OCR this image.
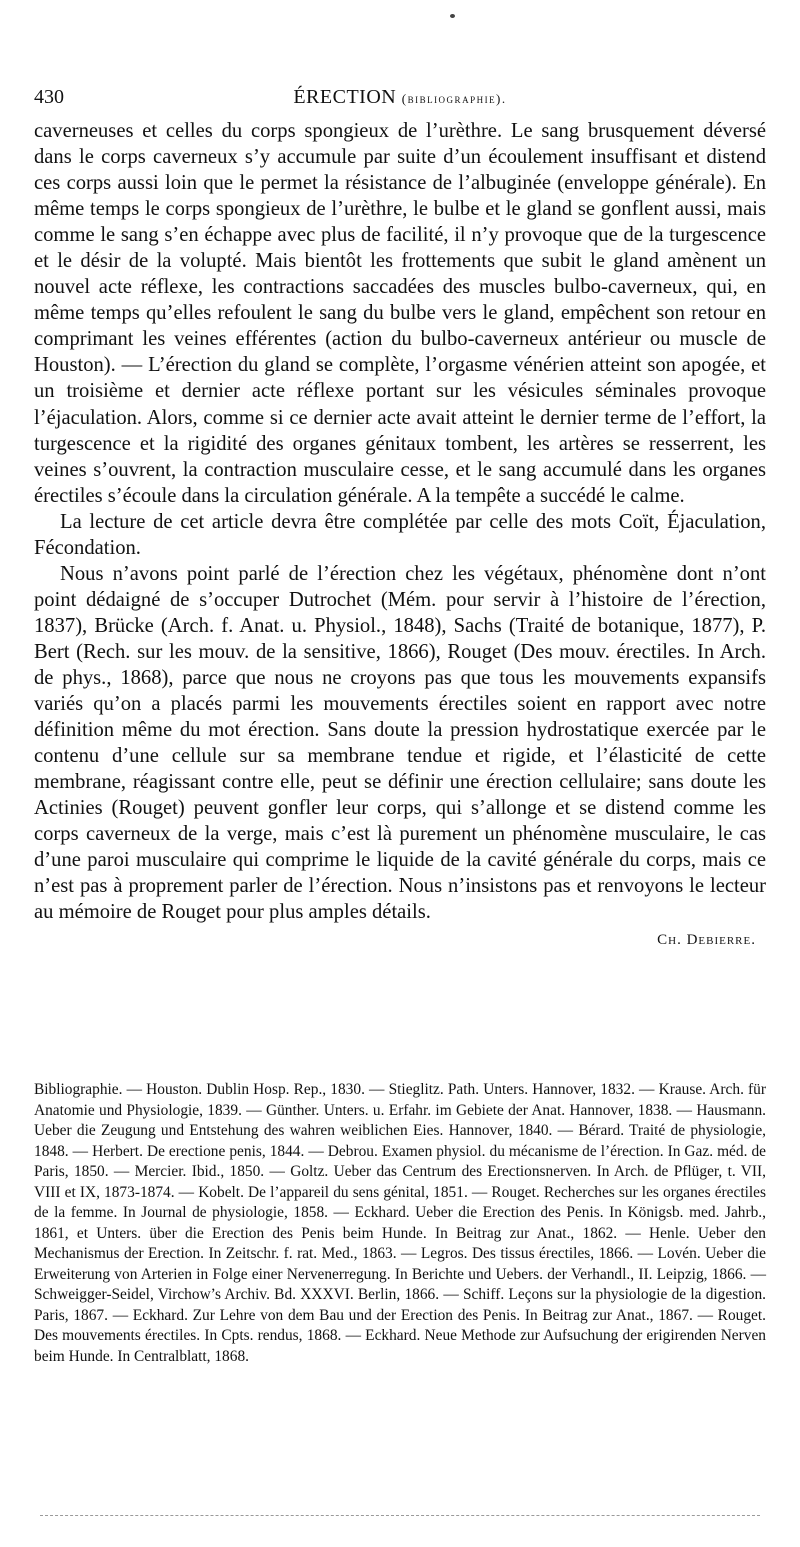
430	ÉRECTION (bibliographie).

caverneuses et celles du corps spongieux de l’urèthre. Le sang brusquement déversé dans le corps caverneux s’y accumule par suite d’un écoulement insuffisant et distend ces corps aussi loin que le permet la résistance de l’albuginée (enveloppe générale). En même temps le corps spongieux de l’urèthre, le bulbe et le gland se gonflent aussi, mais comme le sang s’en échappe avec plus de facilité, il n’y provoque que de la turgescence et le désir de la volupté. Mais bientôt les frottements que subit le gland amènent un nouvel acte réflexe, les contractions saccadées des muscles bulbo-caverneux, qui, en même temps qu’elles refoulent le sang du bulbe vers le gland, empêchent son retour en comprimant les veines efférentes (action du bulbo-caverneux antérieur ou muscle de Houston). — L’érection du gland se complète, l’orgasme vénérien atteint son apogée, et un troisième et dernier acte réflexe portant sur les vésicules séminales provoque l’éjaculation. Alors, comme si ce dernier acte avait atteint le dernier terme de l’effort, la turgescence et la rigidité des organes génitaux tombent, les artères se resserrent, les veines s’ouvrent, la contraction musculaire cesse, et le sang accumulé dans les organes érectiles s’écoule dans la circulation générale. A la tempête a succédé le calme.

La lecture de cet article devra être complétée par celle des mots Coït, Éjaculation, Fécondation.

Nous n’avons point parlé de l’érection chez les végétaux, phénomène dont n’ont point dédaigné de s’occuper Dutrochet (Mém. pour servir à l’histoire de l’érection, 1837), Brücke (Arch. f. Anat. u. Physiol., 1848), Sachs (Traité de botanique, 1877), P. Bert (Rech. sur les mouv. de la sensitive, 1866), Rouget (Des mouv. érectiles. In Arch. de phys., 1868), parce que nous ne croyons pas que tous les mouvements expansifs variés qu’on a placés parmi les mouvements érectiles soient en rapport avec notre définition même du mot érection. Sans doute la pression hydrostatique exercée par le contenu d’une cellule sur sa membrane tendue et rigide, et l’élasticité de cette membrane, réagissant contre elle, peut se définir une érection cellulaire; sans doute les Actinies (Rouget) peuvent gonfler leur corps, qui s’allonge et se distend comme les corps caverneux de la verge, mais c’est là purement un phénomène musculaire, le cas d’une paroi musculaire qui comprime le liquide de la cavité générale du corps, mais ce n’est pas à proprement parler de l’érection. Nous n’insistons pas et renvoyons le lecteur au mémoire de Rouget pour plus amples détails.

Ch. Debierre.

Bibliographie. — Houston. Dublin Hosp. Rep., 1830. — Stieglitz. Path. Unters. Hannover, 1832. — Krause. Arch. für Anatomie und Physiologie, 1839. — Günther. Unters. u. Erfahr. im Gebiete der Anat. Hannover, 1838. — Hausmann. Ueber die Zeugung und Entstehung des wahren weiblichen Eies. Hannover, 1840. — Bérard. Traité de physiologie, 1848. — Herbert. De erectione penis, 1844. — Debrou. Examen physiol. du mécanisme de l’érection. In Gaz. méd. de Paris, 1850. — Mercier. Ibid., 1850. — Goltz. Ueber das Centrum des Erectionsnerven. In Arch. de Pflüger, t. VII, VIII et IX, 1873-1874. — Kobelt. De l’appareil du sens génital, 1851. — Rouget. Recherches sur les organes érectiles de la femme. In Journal de physiologie, 1858. — Eckhard. Ueber die Erection des Penis. In Königsb. med. Jahrb., 1861, et Unters. über die Erection des Penis beim Hunde. In Beitrag zur Anat., 1862. — Henle. Ueber den Mechanismus der Erection. In Zeitschr. f. rat. Med., 1863. — Legros. Des tissus érectiles, 1866. — Lovén. Ueber die Erweiterung von Arterien in Folge einer Nervenerregung. In Berichte und Uebers. der Verhandl., II. Leipzig, 1866. — Schweigger-Seidel, Virchow’s Archiv. Bd. XXXVI. Berlin, 1866. — Schiff. Leçons sur la physiologie de la digestion. Paris, 1867. — Eckhard. Zur Lehre von dem Bau und der Erection des Penis. In Beitrag zur Anat., 1867. — Rouget. Des mouvements érectiles. In Cpts. rendus, 1868. — Eckhard. Neue Methode zur Aufsuchung der erigirenden Nerven beim Hunde. In Centralblatt, 1868.
